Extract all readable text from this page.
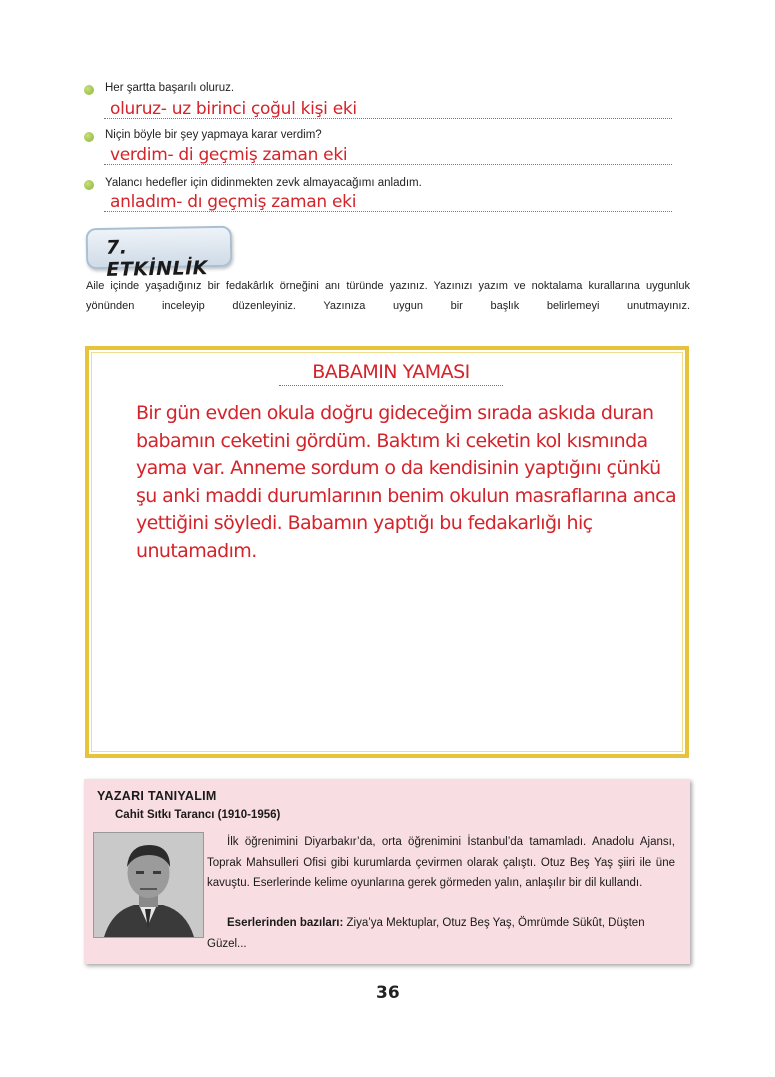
Her şartta başarılı oluruz.
oluruz- uz birinci çoğul kişi eki
Niçin böyle bir şey yapmaya karar verdim?
verdim- di geçmiş zaman eki
Yalancı hedefler için didinmekten zevk almayacağımı anladım.
anladım- dı geçmiş zaman eki
7. ETKİNLİK
Aile içinde yaşadığınız bir fedakârlık örneğini anı türünde yazınız. Yazınızı yazım ve noktalama kurallarına uygunluk yönünden inceleyip düzenleyiniz. Yazınıza uygun bir başlık belirlemeyi unutmayınız.
BABAMIN YAMASI
Bir gün evden okula doğru gideceğim sırada askıda duran babamın ceketini gördüm. Baktım ki ceketin kol kısmında yama var. Anneme sordum o da kendisinin yaptığını çünkü şu anki maddi durumlarının benim okulun masraflarına anca yettiğini söyledi. Babamın yaptığı bu fedakarlığı hiç unutamadım.
YAZARI TANIYALIM
Cahit Sıtkı Tarancı (1910-1956)
İlk öğrenimini Diyarbakır’da, orta öğrenimini İstanbul’da tamamladı. Anadolu Ajansı, Toprak Mahsulleri Ofisi gibi kurumlarda çevirmen olarak çalıştı. Otuz Beş Yaş şiiri ile üne kavuştu. Eserlerinde kelime oyunlarına gerek görmeden yalın, anlaşılır bir dil kullandı.
Eserlerinden bazıları: Ziya’ya Mektuplar, Otuz Beş Yaş, Ömrümde Sükût, Düşten Güzel...
36
